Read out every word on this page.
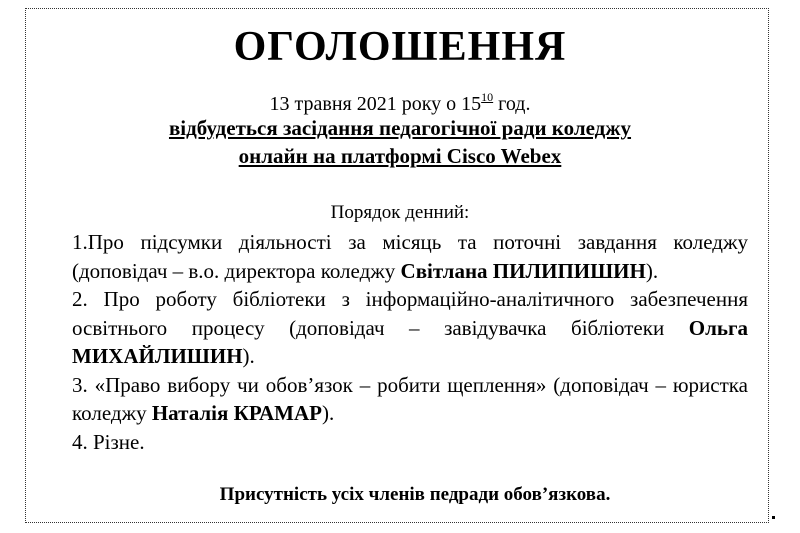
ОГОЛОШЕННЯ
13 травня 2021 року о $15^{10}$ год.
відбудеться засідання педагогічної ради коледжу
онлайн на платформі Cisco Webex
Порядок денний:
1.Про підсумки діяльності за місяць та поточні завдання коледжу (доповідач – в.о. директора коледжу Світлана ПИЛИПИШИН).
2. Про роботу бібліотеки з інформаційно-аналітичного забезпечення освітнього процесу (доповідач – завідувачка бібліотеки Ольга МИХАЙЛИШИН).
3. «Право вибору чи обов’язок – робити щеплення» (доповідач – юристка коледжу Наталія КРАМАР).
4. Різне.
Присутність усіх членів педради обов’язкова.
